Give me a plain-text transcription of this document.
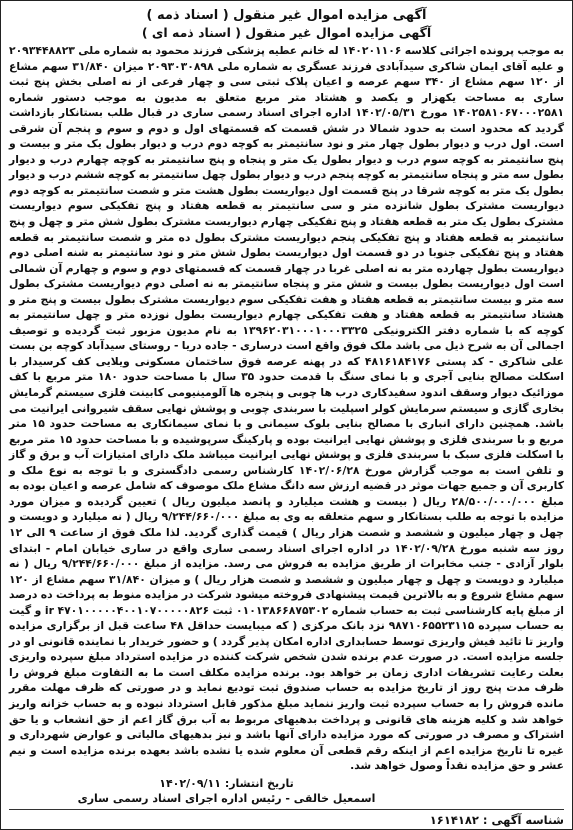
آگهی مزایده اموال غیر منقول ( اسناد ذمه )
آگهی مزایده اموال غیر منقول ( اسناد ذمه ای )

به موجب پرونده اجرائی کلاسه ۱۴۰۲۰۱۱۰۶ له خانم عطیه پزشکی فرزند محمود به شماره ملی ۲۰۹۳۴۴۸۸۲۳ و علیه آقای ایمان شاکری سیدآبادی فرزند عسگری به شماره ملی ۲۰۹۳۰۳۰۸۹۸ میزان ۳۱/۸۴۰ سهم مشاع از ۱۲۰ سهم مشاع از ۳۴۰ سهم عرصه و اعیان پلاک ثبتی سی و چهار فرعی از نه اصلی بخش پنج ثبت ساری به مساحت یکهزار و یکصد و هشتاد متر مربع متعلق به مدیون به موجب دستور شماره ۱۴۰۲۵۸۱۰۶۷۰۰۰۲۵۸۱ مورخ ۱۴۰۲/۰۵/۳۱ اداره اجرای اسناد رسمی ساری در قبال طلب بستانکار بازداشت گردید که محدود است به حدود شمالا در شش قسمت که قسمتهای اول و دوم و سوم و پنجم آن شرقی است. اول درب و دیوار بطول چهار متر و نود سانتیمتر به کوچه دوم درب و دیوار بطول یک متر و بیست و پنج سانتیمتر به کوچه سوم درب و دیوار بطول یک متر و پنجاه و پنج سانتیمتر به کوچه چهارم درب و دیوار بطول سه متر و پنجاه سانتیمتر به کوچه پنجم درب و دیوار بطول چهل سانتیمتر به کوچه ششم درب و دیوار بطول یک متر به کوچه شرقا در پنج قسمت اول دیواریست بطول هشت متر و شصت سانتیمتر به کوچه دوم دیواریست مشترک بطول شانزده متر و سی سانتیمتر به قطعه هفتاد و پنج تفکیکی سوم دیواریست مشترک بطول یک متر به قطعه هفتاد و پنج تفکیکی چهارم دیواریست مشترک بطول شش متر و چهل و پنج سانتیمتر به قطعه هفتاد و پنج تفکیکی پنجم دیواریست مشترک بطول ده متر و شصت سانتیمتر به قطعه هفتاد و پنج تفکیکی جنوبا در دو قسمت اول دیواریست بطول شش متر و نود سانتیمتر به شنه اصلی دوم دیواریست بطول چهارده متر به نه اصلی غربا در چهار قسمت که قسمتهای دوم و سوم و چهارم آن شمالی است اول دیواریست بطول بیست و شش متر و پنجاه سانتیمتر به نه اصلی دوم دیواریست مشترک بطول سه متر و بیست سانتیمتر به قطعه هفتاد و هفت تفکیکی سوم دیواریست مشترک بطول بیست و پنج متر و هشتاد سانتیمتر به قطعه هفتاد و هفت تفکیکی چهارم دیواریست بطول نوزده متر و چهل سانتیمتر به کوچه که با شماره دفتر الکترونیکی ۱۳۹۶۲۰۳۱۰۰۰۱۰۰۰۳۳۲۵ به نام مدیون مزبور ثبت گردیده و توصیف اجمالی آن به شرح ذیل می باشد ملک فوق واقع است درساری - جاده دریا - روستای سیدآباد کوچه بن بست علی شاکری - کد پستی ۴۸۱۶۱۸۴۱۷۶ که در پهنه عرصه فوق ساختمان مسکونی ویلایی کف کرسیدار با اسکلت مصالح بنایی آجری و با نمای سنگ با قدمت حدود ۳۵ سال با مساحت حدود ۱۸۰ متر مربع با کف موزائیک دیوار وسقف اندود سفیدکاری درب ها چوبی و پنجره ها آلومینیومی کابینت فلزی سیستم گرمایش بخاری گازی و سیستم سرمایش کولر اسپلیت با سربندی چوبی و پوشش نهایی سقف شیروانی ایرانیت می باشد. همچنین دارای انباری با مصالح بنایی بلوک سیمانی و با نمای سیمانکاری به مساحت حدود ۱۵ متر مربع و با سربندی فلزی و پوشش نهایی ایرانیت بوده و پارکینگ سرپوشیده و با مساحت حدود ۱۵ متر مربع با اسکلت فلزی سبک با سربندی فلزی و پوشش نهایی ایرانیت میباشد ملک دارای امتیازات آب و برق و گاز و تلفن است به موجب گزارش مورخ ۱۴۰۲/۰۶/۲۸ کارشناس رسمی دادگستری و با توجه به نوع ملک و کاربری آن و جمیع جهات موثر در قضیه ارزش سه دانگ مشاع ملک موصوف که شامل عرصه و اعیان بوده به مبلغ ۲۸/۵۰۰/۰۰۰/۰۰۰ ریال ( بیست و هشت میلیارد و پانصد میلیون ریال ) تعیین گردیده و میزان مورد مزایده با توجه به طلب بستانکار و سهم متعلقه به وی به مبلغ ۹/۲۴۴/۶۶۰/۰۰۰ ریال ( نه میلیارد و دویست و چهل و چهار میلیون و ششصد و شصت هزار ریال ) قیمت گذاری گردید. لذا ملک فوق از ساعت ۹ الی ۱۲ روز سه شنبه مورخ ۱۴۰۲/۰۹/۲۸ در اداره اجرای اسناد رسمی ساری واقع در ساری خیابان امام - ابتدای بلوار آزادی - جنب مخابرات از طریق مزایده به فروش می رسد. مزایده از مبلغ ۹/۲۴۴/۶۶۰/۰۰۰ ریال ( نه میلیارد و دویست و چهل و چهار میلیون و ششصد و شصت هزار ریال ) و میزان ۳۱/۸۴۰ سهم مشاع از ۱۲۰ سهم مشاع شروع و به بالاترین قیمت پیشنهادی فروخته میشود شرکت در مزایده منوط به پرداخت ده درصد از مبلغ پایه کارشناسی ثبت به حساب شماره ۰۱۰۱۳۸۶۶۸۷۵۳۰۲ ثبت ir ۴۷۰۱۰۰۰۰۰۴۰۰۱۰۷۰۰۰۰۰۸۲۶ و گیت به حساب سپرده ۹۸۷۱۰۶۵۵۲۳۱۱۵ نزد بانک مرکزی ( که میبایست حداقل ۴۸ ساعت قبل از برگزاری مزایده واریز تا تائید فیش واریزی توسط حسابداری اداره امکان پذیر گردد ) و حضور خریدار با نماینده قانونی او در جلسه مزایده است. در صورت عدم برنده شدن شخص شرکت کننده در مزایده استرداد مبلغ سپرده واریزی بعلت رعایت تشریفات اداری زمان بر خواهد بود. برنده مزایده مکلف است ما به التفاوت مبلغ فروش را ظرف مدت پنج روز از تاریخ مزایده به حساب صندوق ثبت تودیع نماید و در صورتی که ظرف مهلت مقرر مانده فروش را به حساب سپرده ثبت واریز ننماید مبلغ مذکور قابل استرداد نبوده و به حساب خزانه واریز خواهد شد و کلیه هزینه های قانونی و پرداخت بدهیهای مربوط به آب برق گاز اعم از حق انشعاب و یا حق اشتراک و مصرف در صورتی که مورد مزایده دارای آنها باشد و نیز بدهیهای مالیاتی و عوارض شهرداری و غیره تا تاریخ مزایده اعم از اینکه رقم قطعی آن معلوم شده یا نشده باشد بعهده برنده مزایده است و نیم عشر و حق مزایده نقداً وصول خواهد شد.

تاریخ انتشار: ۱۴۰۲/۰۹/۱۱
اسمعیل خالقی - رئیس اداره اجرای اسناد رسمی ساری
شناسه آگهی : ۱۶۱۴۱۸۲
